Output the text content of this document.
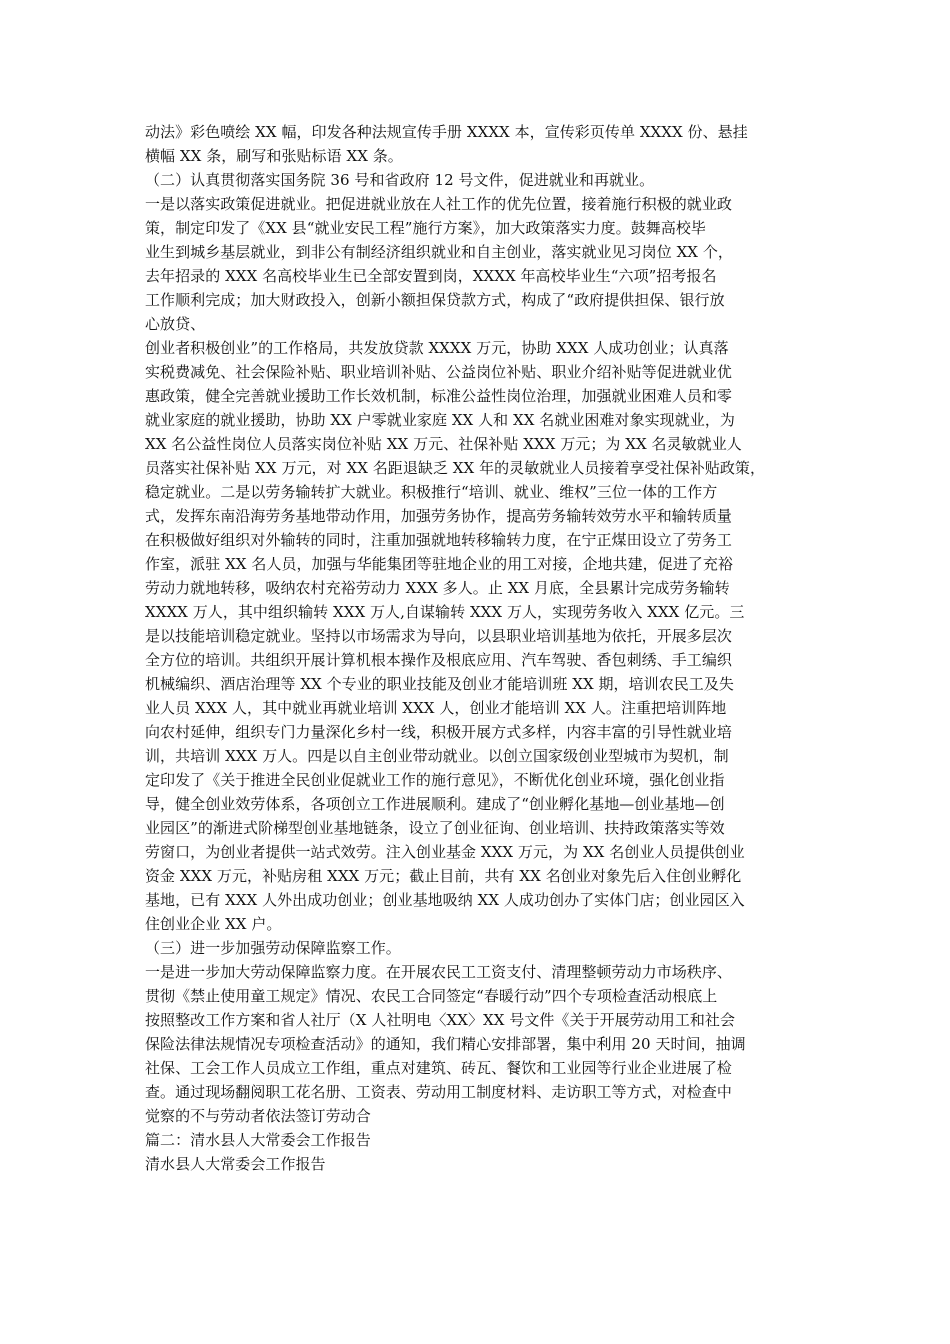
动法》彩色喷绘 XX 幅，印发各种法规宣传手册 XXXX 本，宣传彩页传单 XXXX 份、悬挂
横幅 XX 条，刷写和张贴标语 XX 条。
（二）认真贯彻落实国务院 36 号和省政府 12 号文件，促进就业和再就业。
一是以落实政策促进就业。把促进就业放在人社工作的优先位置，接着施行积极的就业政
策，制定印发了《XX 县“就业安民工程”施行方案》，加大政策落实力度。鼓舞高校毕
业生到城乡基层就业，到非公有制经济组织就业和自主创业，落实就业见习岗位 XX 个，
去年招录的 XXX 名高校毕业生已全部安置到岗，XXXX 年高校毕业生“六项”招考报名
工作顺利完成；加大财政投入，创新小额担保贷款方式，构成了“政府提供担保、银行放
心放贷、
创业者积极创业”的工作格局，共发放贷款 XXXX 万元，协助 XXX 人成功创业；认真落
实税费减免、社会保险补贴、职业培训补贴、公益岗位补贴、职业介绍补贴等促进就业优
惠政策，健全完善就业援助工作长效机制，标准公益性岗位治理，加强就业困难人员和零
就业家庭的就业援助，协助 XX 户零就业家庭 XX 人和 XX 名就业困难对象实现就业，为
XX 名公益性岗位人员落实岗位补贴 XX 万元、社保补贴 XXX 万元；为 XX 名灵敏就业人
员落实社保补贴 XX 万元，对 XX 名距退缺乏 XX 年的灵敏就业人员接着享受社保补贴政策，
稳定就业。二是以劳务输转扩大就业。积极推行“培训、就业、维权”三位一体的工作方
式，发挥东南沿海劳务基地带动作用，加强劳务协作，提高劳务输转效劳水平和输转质量
在积极做好组织对外输转的同时，注重加强就地转移输转力度，在宁正煤田设立了劳务工
作室，派驻 XX 名人员，加强与华能集团等驻地企业的用工对接，企地共建，促进了充裕
劳动力就地转移，吸纳农村充裕劳动力 XXX 多人。止 XX 月底，全县累计完成劳务输转
XXXX 万人，其中组织输转 XXX 万人,自谋输转 XXX 万人，实现劳务收入 XXX 亿元。三
是以技能培训稳定就业。坚持以市场需求为导向，以县职业培训基地为依托，开展多层次
全方位的培训。共组织开展计算机根本操作及根底应用、汽车驾驶、香包刺绣、手工编织
机械编织、酒店治理等 XX 个专业的职业技能及创业才能培训班 XX 期，培训农民工及失
业人员 XXX 人，其中就业再就业培训 XXX 人，创业才能培训 XX 人。注重把培训阵地
向农村延伸，组织专门力量深化乡村一线，积极开展方式多样，内容丰富的引导性就业培
训，共培训 XXX 万人。四是以自主创业带动就业。以创立国家级创业型城市为契机，制
定印发了《关于推进全民创业促就业工作的施行意见》，不断优化创业环境，强化创业指
导，健全创业效劳体系，各项创立工作进展顺利。建成了“创业孵化基地—创业基地—创
业园区”的渐进式阶梯型创业基地链条，设立了创业征询、创业培训、扶持政策落实等效
劳窗口，为创业者提供一站式效劳。注入创业基金 XXX 万元，为 XX 名创业人员提供创业
资金 XXX 万元，补贴房租 XXX 万元；截止目前，共有 XX 名创业对象先后入住创业孵化
基地，已有 XXX 人外出成功创业；创业基地吸纳 XX 人成功创办了实体门店；创业园区入
住创业企业 XX 户。
（三）进一步加强劳动保障监察工作。
一是进一步加大劳动保障监察力度。在开展农民工工资支付、清理整顿劳动力市场秩序、
贯彻《禁止使用童工规定》情况、农民工合同签定“春暖行动”四个专项检查活动根底上
按照整改工作方案和省人社厅（X 人社明电〈XX〉XX 号文件《关于开展劳动用工和社会
保险法律法规情况专项检查活动》的通知，我们精心安排部署，集中利用 20 天时间，抽调
社保、工会工作人员成立工作组，重点对建筑、砖瓦、餐饮和工业园等行业企业进展了检
查。通过现场翻阅职工花名册、工资表、劳动用工制度材料、走访职工等方式，对检查中
觉察的不与劳动者依法签订劳动合
篇二：清水县人大常委会工作报告
清水县人大常委会工作报告
